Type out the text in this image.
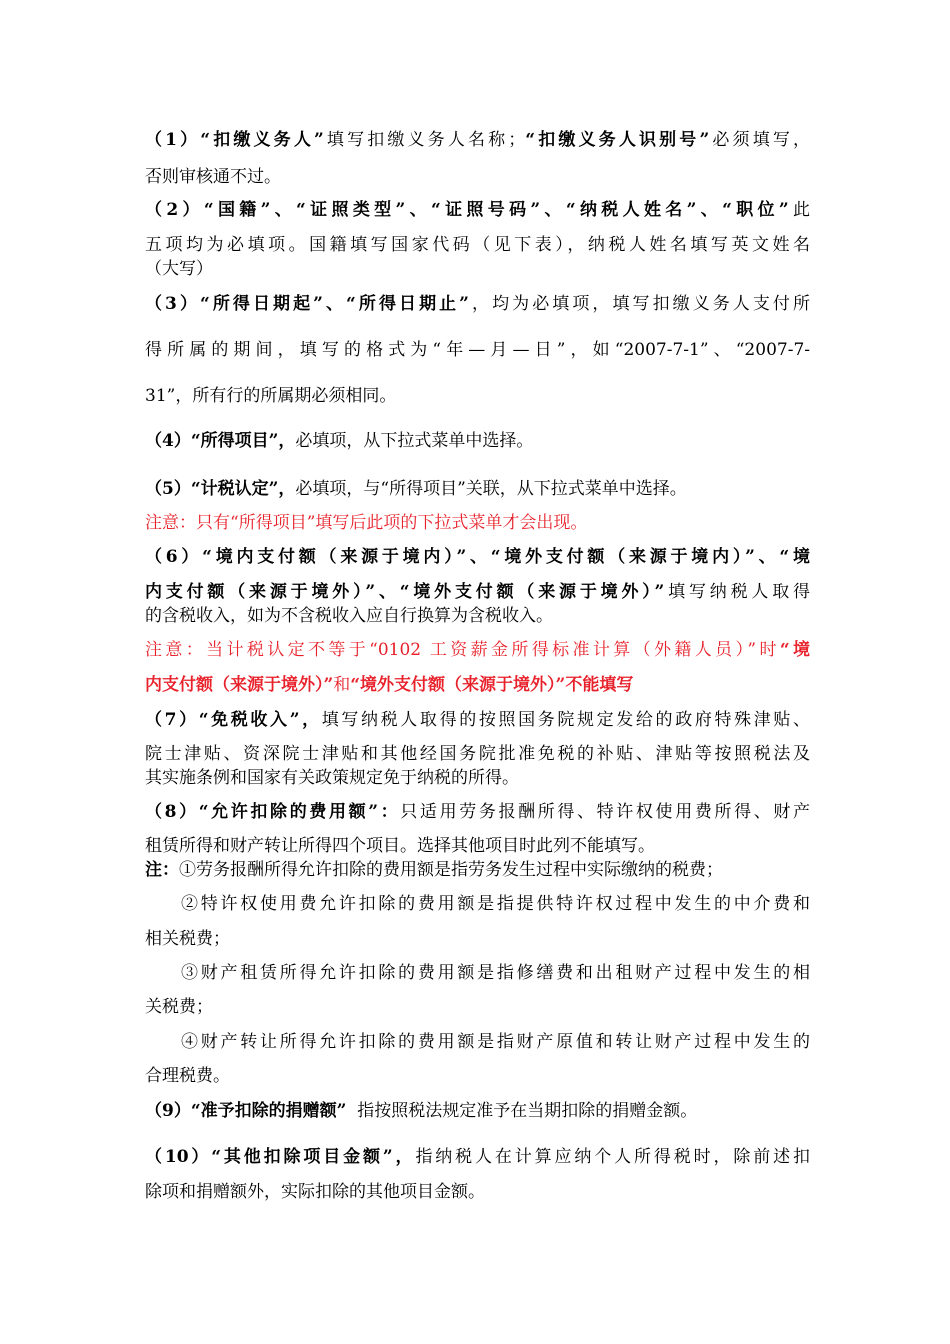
（1）“扣缴义务人”填写扣缴义务人名称；“扣缴义务人识别号”必须填写，
否则审核通不过。
（2）“国籍”、“证照类型”、“证照号码”、“纳税人姓名”、“职位”此
五项均为必填项。国籍填写国家代码（见下表），纳税人姓名填写英文姓名
（大写）
（3）“所得日期起”、“所得日期止”，均为必填项，填写扣缴义务人支付所
得所属的期间，填写的格式为“年—月—日”，如“2007-7-1”、“2007-7-
31”，所有行的所属期必须相同。
（4）“所得项目”，必填项，从下拉式菜单中选择。
（5）“计税认定”，必填项，与“所得项目”关联，从下拉式菜单中选择。
注意：只有“所得项目”填写后此项的下拉式菜单才会出现。
（6）“境内支付额（来源于境内）”、“境外支付额（来源于境内）”、“境
内支付额（来源于境外）”、“境外支付额（来源于境外）”填写纳税人取得
的含税收入，如为不含税收入应自行换算为含税收入。
注意：当计税认定不等于“0102 工资薪金所得标准计算（外籍人员）”时“境
内支付额（来源于境外）”和“境外支付额（来源于境外）”不能填写
（7）“免税收入”，填写纳税人取得的按照国务院规定发给的政府特殊津贴、
院士津贴、资深院士津贴和其他经国务院批准免税的补贴、津贴等按照税法及
其实施条例和国家有关政策规定免于纳税的所得。
（8）“允许扣除的费用额”：只适用劳务报酬所得、特许权使用费所得、财产
租赁所得和财产转让所得四个项目。选择其他项目时此列不能填写。
注：①劳务报酬所得允许扣除的费用额是指劳务发生过程中实际缴纳的税费；
②特许权使用费允许扣除的费用额是指提供特许权过程中发生的中介费和
相关税费；
③财产租赁所得允许扣除的费用额是指修缮费和出租财产过程中发生的相
关税费；
④财产转让所得允许扣除的费用额是指财产原值和转让财产过程中发生的
合理税费。
（9）“准予扣除的捐赠额”  指按照税法规定准予在当期扣除的捐赠金额。
（10）“其他扣除项目金额”，指纳税人在计算应纳个人所得税时，除前述扣
除项和捐赠额外，实际扣除的其他项目金额。
